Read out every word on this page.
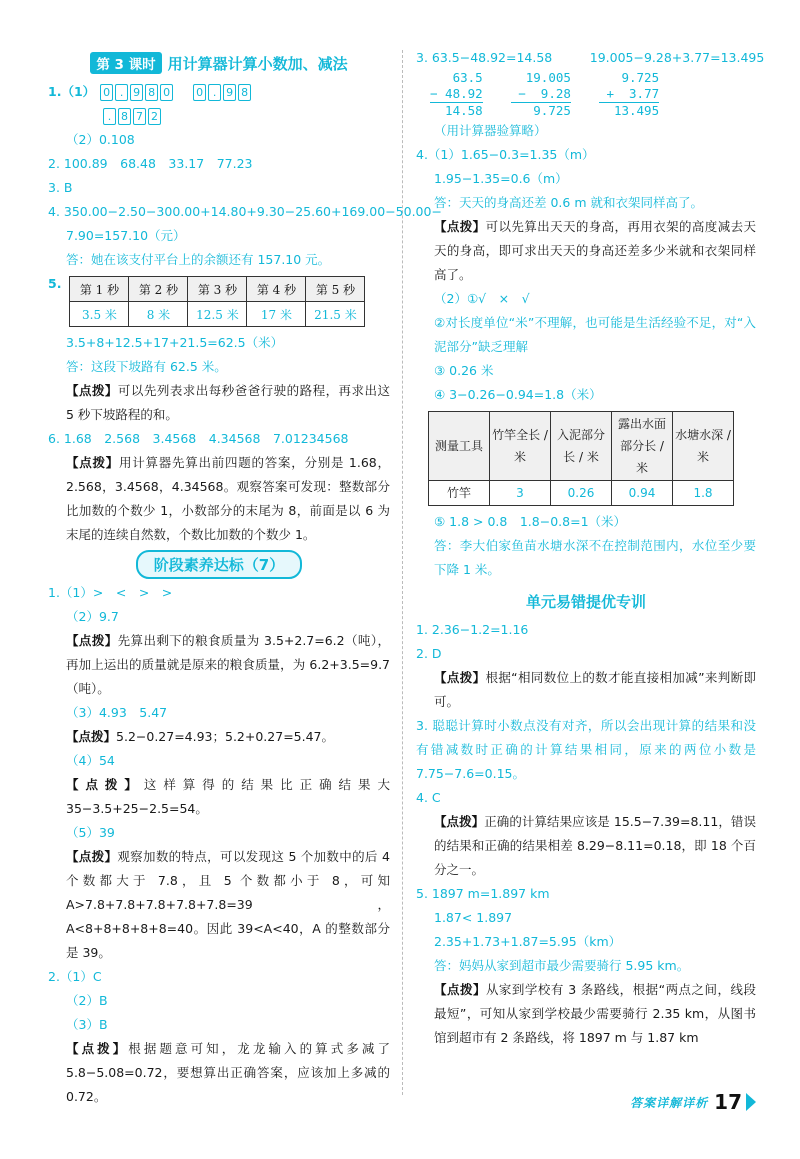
第 3 课时 用计算器计算小数加、减法
1.（1） 0 . 9 8 0 0 . 9 8
. 8 7 2
（2）0.108
2. 100.89　68.48　33.17　77.23
3. B
4. 350.00−2.50−300.00+14.80+9.30−25.60+169.00−50.00−
7.90=157.10（元）
答：她在该支付平台上的余额还有 157.10 元。
5. 第 1 秒	第 2 秒	第 3 秒	第 4 秒	第 5 秒
3.5 米	8 米	12.5 米	17 米	21.5 米
3.5+8+12.5+17+21.5=62.5（米）
答：这段下坡路有 62.5 米。
【点拨】可以先列表求出每秒爸爸行驶的路程，再求出这 5 秒下坡路程的和。
6. 1.68　2.568　3.4568　4.34568　7.01234568
【点拨】用计算器先算出前四题的答案，分别是 1.68，2.568，3.4568，4.34568。观察答案可发现：整数部分比加数的个数少 1，小数部分的末尾为 8，前面是以 6 为末尾的连续自然数，个数比加数的个数少 1。
阶段素养达标（7）
1.（1）>　<　>　>
（2）9.7
【点拨】先算出剩下的粮食质量为 3.5+2.7=6.2（吨），再加上运出的质量就是原来的粮食质量，为 6.2+3.5=9.7（吨）。
（3）4.93　5.47
【点拨】5.2−0.27=4.93；5.2+0.27=5.47。
（4）54
【点拨】这样算得的结果比正确结果大 35−3.5+25−2.5=54。
（5）39
【点拨】观察加数的特点，可以发现这 5 个加数中的后 4 个数都大于 7.8，且 5 个数都小于 8，可知 A>7.8+7.8+7.8+7.8+7.8=39，A<8+8+8+8+8=40。因此 39<A<40，A 的整数部分是 39。
2.（1）C
（2）B
（3）B
【点拨】根据题意可知，龙龙输入的算式多减了 5.8−5.08=0.72，要想算出正确答案，应该加上多减的 0.72。
3. 63.5−48.92=14.58　　　19.005−9.28+3.77=13.495
63.5
− 48.92
14.58
19.005
−  9.28
9.725
9.725
+  3.77
13.495
（用计算器验算略）
4.（1）1.65−0.3=1.35（m）
1.95−1.35=0.6（m）
答：天天的身高还差 0.6 m 就和衣架同样高了。
【点拨】可以先算出天天的身高，再用衣架的高度减去天天的身高，即可求出天天的身高还差多少米就和衣架同样高了。
（2）①√　×　√
②对长度单位“米”不理解，也可能是生活经验不足，对“入泥部分”缺乏理解
③ 0.26 米
④ 3−0.26−0.94=1.8（米）
测量工具	竹竿全长 / 米	入泥部分长 / 米	露出水面部分长 / 米	水塘水深 / 米
竹竿	3	0.26	0.94	1.8
⑤ 1.8 > 0.8　1.8−0.8=1（米）
答：李大伯家鱼苗水塘水深不在控制范围内，水位至少要下降 1 米。
单元易错提优专训
1. 2.36−1.2=1.16
2. D
【点拨】根据“相同数位上的数才能直接相加减”来判断即可。
3. 聪聪计算时小数点没有对齐，所以会出现计算的结果和没有错减数时正确的计算结果相同，原来的两位小数是 7.75−7.6=0.15。
4. C
【点拨】正确的计算结果应该是 15.5−7.39=8.11，错误的结果和正确的结果相差 8.29−8.11=0.18，即 18 个百分之一。
5. 1897 m=1.897 km
1.87< 1.897
2.35+1.73+1.87=5.95（km）
答：妈妈从家到超市最少需要骑行 5.95 km。
【点拨】从家到学校有 3 条路线，根据“两点之间，线段最短”，可知从家到学校最少需要骑行 2.35 km，从图书馆到超市有 2 条路线，将 1897 m 与 1.87 km
答案详解详析 17
